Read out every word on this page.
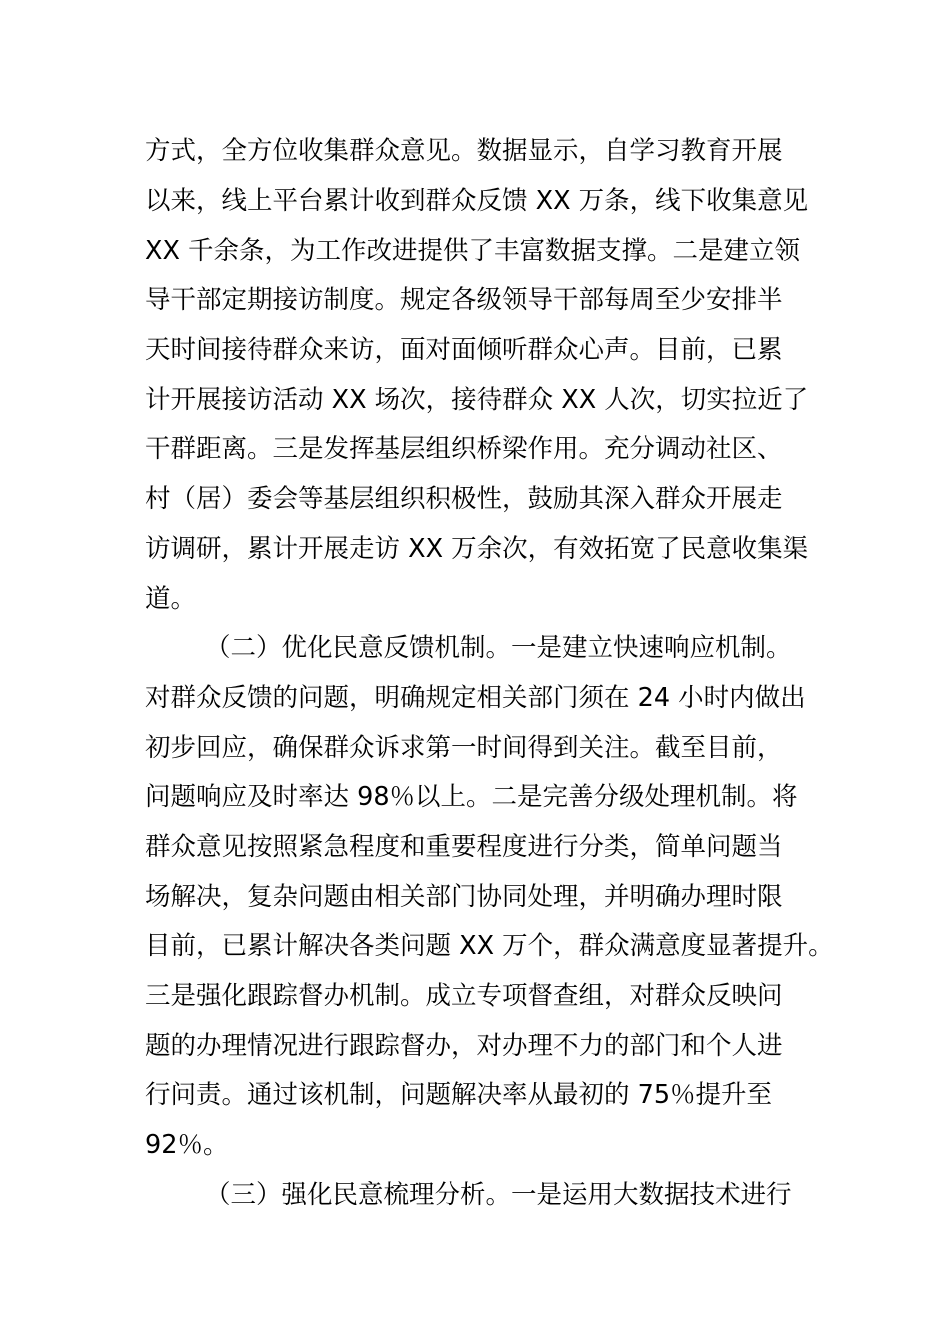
方式，全方位收集群众意见。数据显示，自学习教育开展
以来，线上平台累计收到群众反馈 XX 万条，线下收集意见
XX 千余条，为工作改进提供了丰富数据支撑。二是建立领
导干部定期接访制度。规定各级领导干部每周至少安排半
天时间接待群众来访，面对面倾听群众心声。目前，已累
计开展接访活动 XX 场次，接待群众 XX 人次，切实拉近了
干群距离。三是发挥基层组织桥梁作用。充分调动社区、
村（居）委会等基层组织积极性，鼓励其深入群众开展走
访调研，累计开展走访 XX 万余次，有效拓宽了民意收集渠
道。
（二）优化民意反馈机制。一是建立快速响应机制。
对群众反馈的问题，明确规定相关部门须在 24 小时内做出
初步回应，确保群众诉求第一时间得到关注。截至目前，
问题响应及时率达 98％以上。二是完善分级处理机制。将
群众意见按照紧急程度和重要程度进行分类，简单问题当
场解决，复杂问题由相关部门协同处理，并明确办理时限
目前，已累计解决各类问题 XX 万个，群众满意度显著提升。
三是强化跟踪督办机制。成立专项督查组，对群众反映问
题的办理情况进行跟踪督办，对办理不力的部门和个人进
行问责。通过该机制，问题解决率从最初的 75％提升至
92％。
（三）强化民意梳理分析。一是运用大数据技术进行
